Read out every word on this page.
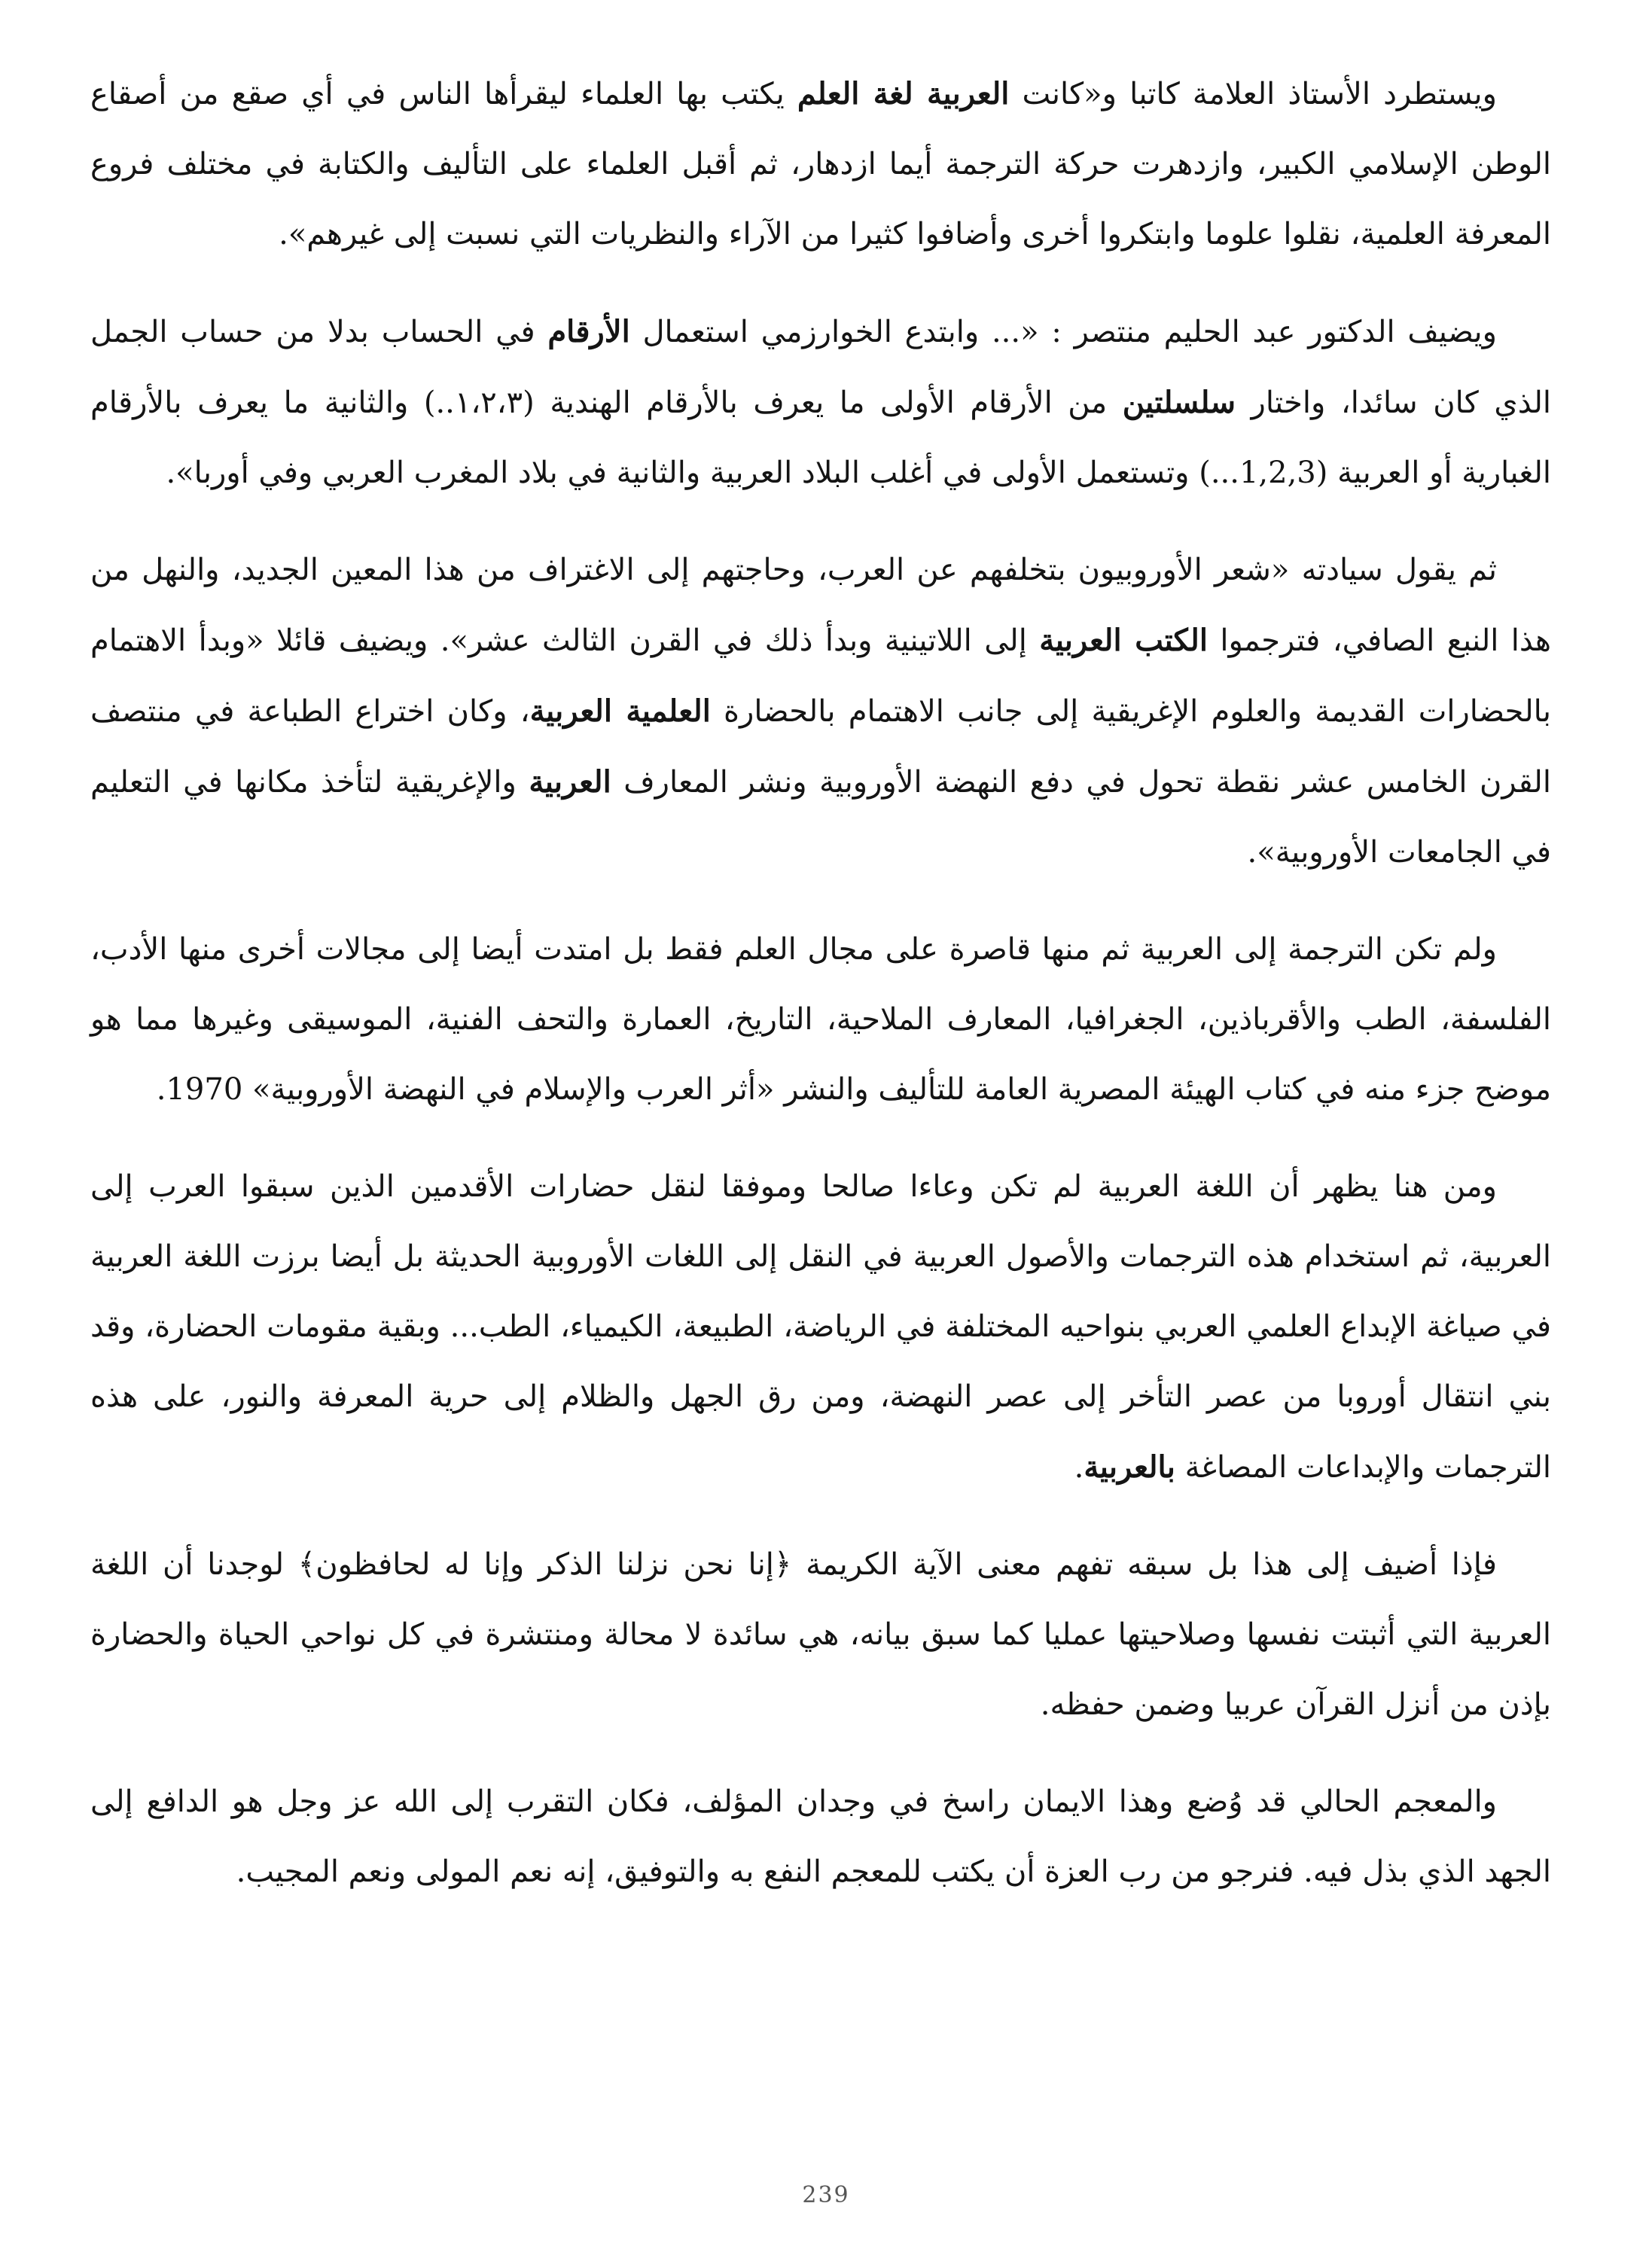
ويستطرد الأستاذ العلامة كاتبا و«كانت العربية لغة العلم يكتب بها العلماء ليقرأها الناس في أي صقع من أصقاع الوطن الإسلامي الكبير، وازدهرت حركة الترجمة أيما ازدهار، ثم أقبل العلماء على التأليف والكتابة في مختلف فروع المعرفة العلمية، نقلوا علوما وابتكروا أخرى وأضافوا كثيرا من الآراء والنظريات التي نسبت إلى غيرهم».

ويضيف الدكتور عبد الحليم منتصر : «... وابتدع الخوارزمي استعمال الأرقام في الحساب بدلا من حساب الجمل الذي كان سائدا، واختار سلسلتين من الأرقام الأولى ما يعرف بالأرقام الهندية (١،٢،٣..) والثانية ما يعرف بالأرقام الغبارية أو العربية (1,2,3...) وتستعمل الأولى في أغلب البلاد العربية والثانية في بلاد المغرب العربي وفي أوربا».

ثم يقول سيادته «شعر الأوروبيون بتخلفهم عن العرب، وحاجتهم إلى الاغتراف من هذا المعين الجديد، والنهل من هذا النبع الصافي، فترجموا الكتب العربية إلى اللاتينية وبدأ ذلك في القرن الثالث عشر». ويضيف قائلا «وبدأ الاهتمام بالحضارات القديمة والعلوم الإغريقية إلى جانب الاهتمام بالحضارة العلمية العربية، وكان اختراع الطباعة في منتصف القرن الخامس عشر نقطة تحول في دفع النهضة الأوروبية ونشر المعارف العربية والإغريقية لتأخذ مكانها في التعليم في الجامعات الأوروبية».

ولم تكن الترجمة إلى العربية ثم منها قاصرة على مجال العلم فقط بل امتدت أيضا إلى مجالات أخرى منها الأدب، الفلسفة، الطب والأقرباذين، الجغرافيا، المعارف الملاحية، التاريخ، العمارة والتحف الفنية، الموسيقى وغيرها مما هو موضح جزء منه في كتاب الهيئة المصرية العامة للتأليف والنشر «أثر العرب والإسلام في النهضة الأوروبية» 1970.

ومن هنا يظهر أن اللغة العربية لم تكن وعاءا صالحا وموفقا لنقل حضارات الأقدمين الذين سبقوا العرب إلى العربية، ثم استخدام هذه الترجمات والأصول العربية في النقل إلى اللغات الأوروبية الحديثة بل أيضا برزت اللغة العربية في صياغة الإبداع العلمي العربي بنواحيه المختلفة في الرياضة، الطبيعة، الكيمياء، الطب... وبقية مقومات الحضارة، وقد بني انتقال أوروبا من عصر التأخر إلى عصر النهضة، ومن رق الجهل والظلام إلى حرية المعرفة والنور، على هذه الترجمات والإبداعات المصاغة بالعربية.

فإذا أضيف إلى هذا بل سبقه تفهم معنى الآية الكريمة ﴿إنا نحن نزلنا الذكر وإنا له لحافظون﴾ لوجدنا أن اللغة العربية التي أثبتت نفسها وصلاحيتها عمليا كما سبق بيانه، هي سائدة لا محالة ومنتشرة في كل نواحي الحياة والحضارة بإذن من أنزل القرآن عربيا وضمن حفظه.

والمعجم الحالي قد وُضع وهذا الايمان راسخ في وجدان المؤلف، فكان التقرب إلى الله عز وجل هو الدافع إلى الجهد الذي بذل فيه. فنرجو من رب العزة أن يكتب للمعجم النفع به والتوفيق، إنه نعم المولى ونعم المجيب.

239
